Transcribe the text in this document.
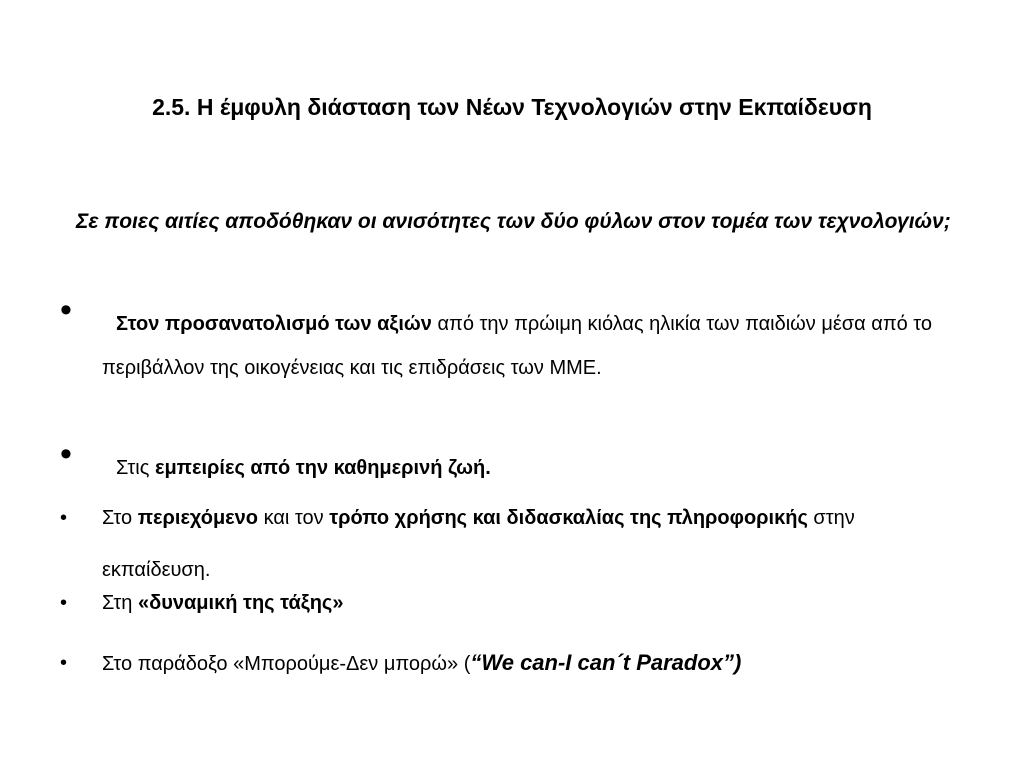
2.5. Η έμφυλη διάσταση των Νέων Τεχνολογιών στην Εκπαίδευση
Σε ποιες αιτίες αποδόθηκαν οι ανισότητες των δύο φύλων στον τομέα των τεχνολογιών;
•	Στον προσανατολισμό των αξιών από την πρώιμη κιόλας ηλικία των παιδιών μέσα από το περιβάλλον της οικογένειας και τις επιδράσεις των ΜΜΕ.
•	Στις εμπειρίες από την καθημερινή ζωή.
•	Στο περιεχόμενο και τον τρόπο χρήσης και διδασκαλίας της πληροφορικής στην εκπαίδευση.
•	Στη «δυναμική της τάξης»
•	Στο παράδοξο «Μπορούμε-Δεν μπορώ» (“We can-I can´t Paradox”)
